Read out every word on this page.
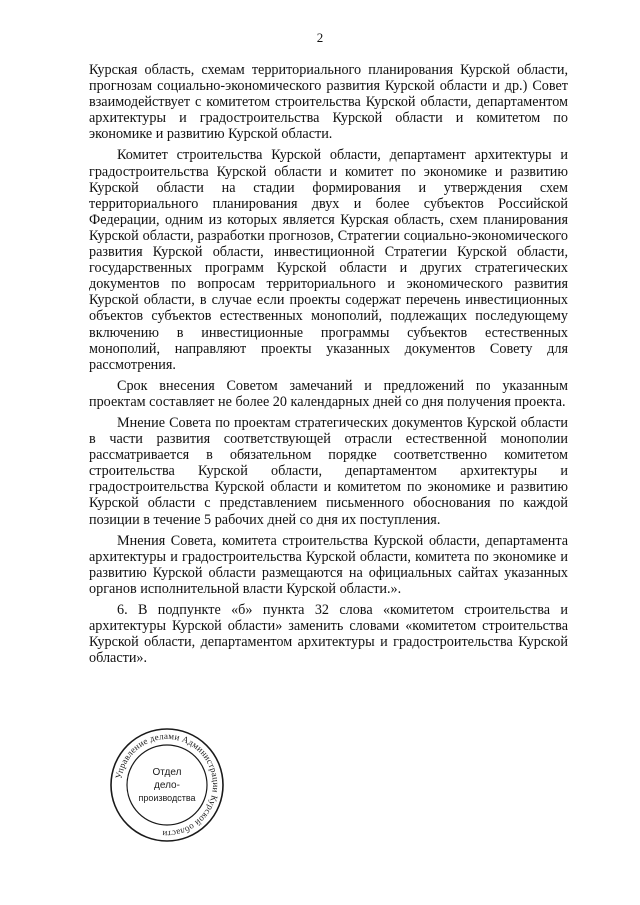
2

Курская область, схемам территориального планирования Курской области, прогнозам социально-экономического развития Курской области и др.) Совет взаимодействует с комитетом строительства Курской области, департаментом архитектуры и градостроительства Курской области и комитетом по экономике и развитию Курской области.

Комитет строительства Курской области, департамент архитектуры и градостроительства Курской области и комитет по экономике и развитию Курской области на стадии формирования и утверждения схем территориального планирования двух и более субъектов Российской Федерации, одним из которых является Курская область, схем планирования Курской области, разработки прогнозов, Стратегии социально-экономического развития Курской области, инвестиционной Стратегии Курской области, государственных программ Курской области и других стратегических документов по вопросам территориального и экономического развития Курской области, в случае если проекты содержат перечень инвестиционных объектов субъектов естественных монополий, подлежащих последующему включению в инвестиционные программы субъектов естественных монополий, направляют проекты указанных документов Совету для рассмотрения.

Срок внесения Советом замечаний и предложений по указанным проектам составляет не более 20 календарных дней со дня получения проекта.

Мнение Совета по проектам стратегических документов Курской области в части развития соответствующей отрасли естественной монополии рассматривается в обязательном порядке соответственно комитетом строительства Курской области, департаментом архитектуры и градостроительства Курской области и комитетом по экономике и развитию Курской области с представлением письменного обоснования по каждой позиции в течение 5 рабочих дней со дня их поступления.

Мнения Совета, комитета строительства Курской области, департамента архитектуры и градостроительства Курской области, комитета по экономике и развитию Курской области размещаются на официальных сайтах указанных органов исполнительной власти Курской области.».

6. В подпункте «б» пункта 32 слова «комитетом строительства и архитектуры Курской области» заменить словами «комитетом строительства Курской области, департаментом архитектуры и градостроительства Курской области».

Управление делами Администрации Курской области
Отдел
дело-
производства
